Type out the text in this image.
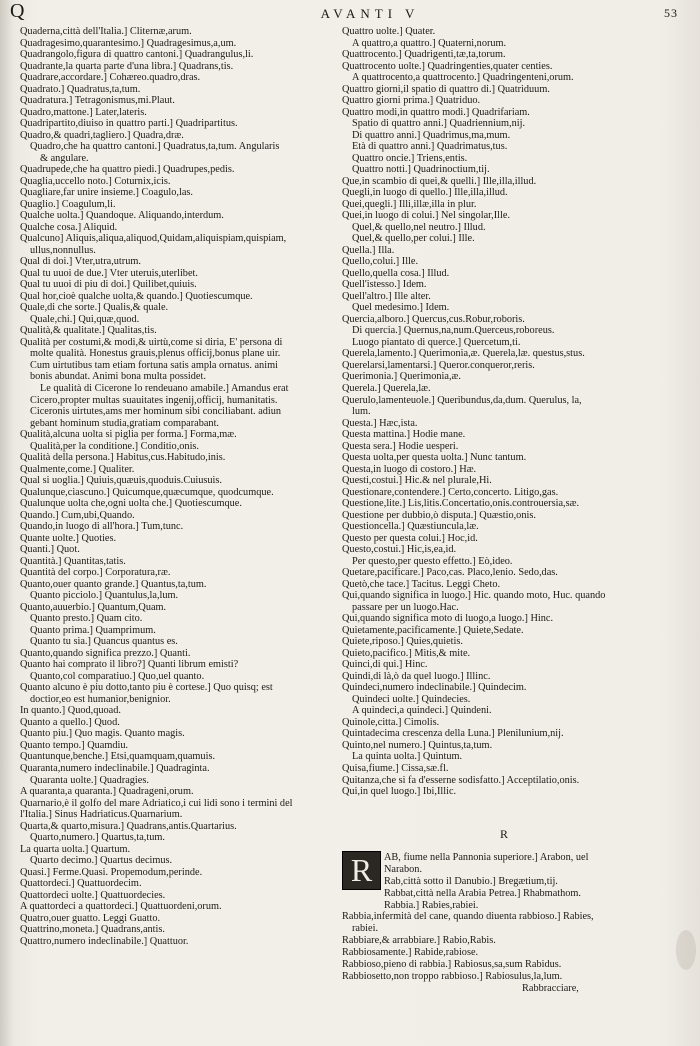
Q	AVANTI V	53
Quaderna,città dell'Italia.] Cliternæ,arum.
Quadragesimo,quarantesimo.] Quadragesimus,a,um.
Quadrangolo,figura di quattro cantoni.] Quadrangulus,li.
Quadrante,la quarta parte d'una libra.] Quadrans,tis.
Quadrare,accordare.] Cohæreo.quadro,dras.
Quadrato.] Quadratus,ta,tum.
Quadratura.] Tetragonismus,mi.Plaut.
Quadro,mattone.] Later,lateris.
Quadripartito,diuiso in quattro parti.] Quadripartitus.
Quadro,& quadri,tagliero.] Quadra,dræ.
Quadro,che ha quattro cantoni.] Quadratus,ta,tum. Angularis
& angulare.
Quadrupede,che ha quattro piedi.] Quadrupes,pedis.
Quaglia,uccello noto.] Coturnix,icis.
Quagliare,far unire insieme.] Coagulo,las.
Quaglio.] Coagulum,li.
Qualche uolta.] Quandoque. Aliquando,interdum.
Qualche cosa.] Aliquid.
Qualcuno] Aliquis,aliqua,aliquod,Quidam,aliquispiam,quispiam,
ullus,nonnullus.
Qual di doi.] Vter,utra,utrum.
Qual tu uuoi de due.] Vter uteruis,uterlibet.
Qual tu uuoi di piu di doi.] Quilibet,quiuis.
Qual hor,cioè qualche uolta,& quando.] Quotiescumque.
Quale,di che sorte.] Qualis,& quale.
Quale,chi.] Qui,quæ,quod.
Qualità,& qualitate.] Qualitas,tis.
Qualità per costumi,& modi,& uirtù,come si diria, E' persona di
molte qualità. Honestus grauis,plenus officij,bonus plane uir.
Cum uirtutibus tam etiam fortuna satis ampla ornatus. animi
bonis abundat. Animi bona multa possidet.
Le qualità di Cicerone lo rendeuano amabile.] Amandus erat
Cicero,propter multas suauitates ingenij,officij, humanitatis.
Ciceronis uirtutes,ams mer hominum sibi conciliabant. adiun
gebant hominum studia,gratiam comparabant.
Qualità,alcuna uolta si piglia per forma.] Forma,mæ.
Qualità,per la conditione.] Conditio,onis.
Qualità della persona.] Habitus,cus.Habitudo,inis.
Qualmente,come.] Qualiter.
Qual si uoglia.] Quiuis,quæuis,quoduis.Cuiusuis.
Qualunque,ciascuno.] Quicumque,quæcumque, quodcumque.
Qualunque uolta che,ogni uolta che.] Quotiescumque.
Quando.] Cum,ubi,Quando.
Quando,in luogo di all'hora.] Tum,tunc.
Quante uolte.] Quoties.
Quanti.] Quot.
Quantità.] Quantitas,tatis.
Quantità del corpo.] Corporatura,ræ.
Quanto,ouer quanto grande.] Quantus,ta,tum.
Quanto picciolo.] Quantulus,la,lum.
Quanto,auuerbio.] Quantum,Quam.
Quanto presto.] Quam cito.
Quanto prima.] Quamprimum.
Quanto tu sia.] Quancus quantus es.
Quanto,quando significa prezzo.] Quanti.
Quanto hai comprato il libro?] Quanti librum emisti?
Quanto,col comparatiuo.] Quo,uel quanto.
Quanto alcuno è piu dotto,tanto piu è cortese.] Quo quisq; est
doctior,eo est humanior,benignior.
In quanto.] Quod,quoad.
Quanto a quello.] Quod.
Quanto piu.] Quo magis. Quanto magis.
Quanto tempo.] Quamdiu.
Quantunque,benche.] Etsi,quamquam,quamuis.
Quaranta,numero indeclinabile.] Quadraginta.
Quaranta uolte.] Quadragies.
A quaranta,a quaranta.] Quadrageni,orum.
Quarnario,è il golfo del mare Adriatico,i cui lidi sono i termini del
l'Italia.] Sinus Hadriaticus.Quarnarium.
Quarta,& quarto,misura.] Quadrans,antis.Quartarius.
Quarto,numero.] Quartus,ta,tum.
La quarta uolta.] Quartum.
Quarto decimo.] Quartus decimus.
Quasi.] Ferme.Quasi. Propemodum,perinde.
Quattordeci.] Quattuordecim.
Quattordeci uolte.] Quattuordecies.
A quattordeci a quattordeci.] Quattuordeni,orum.
Quatro,ouer guatto. Leggi Guatto.
Quattrino,moneta.] Quadrans,antis.
Quattro,numero indeclinabile.] Quattuor.
Quattro uolte.] Quater.
A quattro,a quattro.] Quaterni,norum.
Quattrocento.] Quadrigenti,tæ,ta,torum.
Quattrocento uolte.] Quadringenties,quater centies.
A quattrocento,a quattrocento.] Quadringenteni,orum.
Quattro giorni,il spatio di quattro di.] Quatriduum.
Quattro giorni prima.] Quatriduo.
Quattro modi,in quattro modi.] Quadrifariam.
Spatio di quattro anni.] Quadriennium,nij.
Di quattro anni.] Quadrimus,ma,mum.
Età di quattro anni.] Quadrimatus,tus.
Quattro oncie.] Triens,entis.
Quattro notti.] Quadrinoctium,tij.
Que,in scambio di quei,& quelli.] Ille,illa,illud.
Quegli,in luogo di quello.] Ille,illa,illud.
Quei,quegli.] Illi,illæ,illa in plur.
Quei,in luogo di colui.] Nel singolar,Ille.
Quel,& quello,nel neutro.] Illud.
Quel,& quello,per colui.] Ille.
Quella.] Illa.
Quello,colui.] Ille.
Quello,quella cosa.] Illud.
Quell'istesso.] Idem.
Quell'altro.] Ille alter.
Quel medesimo.] Idem.
Quercia,alboro.] Quercus,cus.Robur,roboris.
Di quercia.] Quernus,na,num.Querceus,roboreus.
Luogo piantato di querce.] Quercetum,ti.
Querela,lamento.] Querimonia,æ. Querela,læ. questus,stus.
Querelarsi,lamentarsi.] Queror.conqueror,reris.
Querimonia.] Querimonia,æ.
Querela.] Querela,læ.
Querulo,lamenteuole.] Queribundus,da,dum. Querulus, la,
lum.
Questa.] Hæc,ista.
Questa mattina.] Hodie mane.
Questa sera.] Hodie uesperi.
Questa uolta,per questa uolta.] Nunc tantum.
Questa,in luogo di costoro.] Hæ.
Questi,costui.] Hic.& nel plurale,Hi.
Questionare,contendere.] Certo,concerto. Litigo,gas.
Questione,lite.] Lis,litis.Concertatio,onis.controuersia,sæ.
Questione per dubbio,ò disputa.] Quæstio,onis.
Questioncella.] Quæstiuncula,læ.
Questo per questa colui.] Hoc,id.
Questo,costui.] Hic,is,ea,id.
Per questo,per questo effetto.] Eò,ideo.
Quetare,pacificare.] Paco,cas. Placo,lenio. Sedo,das.
Quetò,che tace.] Tacitus. Leggi Cheto.
Qui,quando significa in luogo.] Hic. quando moto, Huc. quando
passare per un luogo.Hac.
Qui,quando significa moto di luogo,a luogo.] Hinc.
Quietamente,pacificamente.] Quiete,Sedate.
Quiete,riposo.] Quies,quietis.
Quieto,pacifico.] Mitis,& mite.
Quinci,di qui.] Hinc.
Quindi,di là,ò da quel luogo.] Illinc.
Quindeci,numero indeclinabile.] Quindecim.
Quindeci uolte.] Quindecies.
A quindeci,a quindeci.] Quindeni.
Quinole,citta.] Cimolis.
Quintadecima crescenza della Luna.] Plenilunium,nij.
Quinto,nel numero.] Quintus,ta,tum.
La quinta uolta.] Quintum.
Quisa,fiume.] Cissa,sæ.fl.
Quitanza,che si fa d'esserne sodisfatto.] Acceptilatio,onis.
Qui,in quel luogo.] Ibi,Illic.
R
R	AB, fiume nella Pannonia superiore.] Arabon, uel
Narabon.
Rab,città sotto il Danubio.] Bregætium,tij.
Rabbat,città nella Arabia Petrea.] Rhabmathom.
Rabbia.] Rabies,rabiei.
Rabbia,infermità del cane, quando diuenta rabbioso.] Rabies,
rabiei.
Rabbiare,& arrabbiare.] Rabio,Rabis.
Rabbiosamente.] Rabide,rabiose.
Rabbioso,pieno di rabbia.] Rabiosus,sa,sum Rabidus.
Rabbiosetto,non troppo rabbioso.] Rabiosulus,la,lum.
Rabbracciare,
